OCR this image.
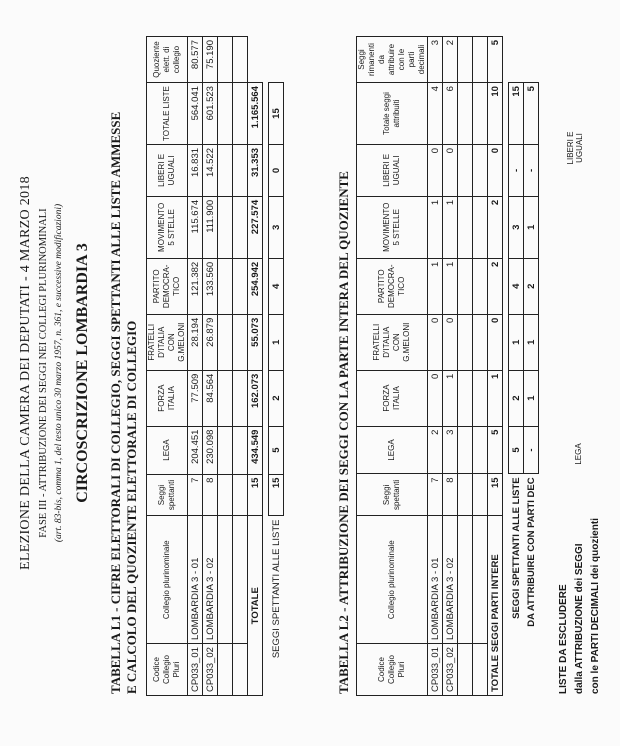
ELEZIONE DELLA CAMERA DEI DEPUTATI - 4 MARZO 2018 FASE III - ATTRIBUZIONE DEI SEGGI NEI COLLEGI PLURINOMINALI (art. 83-bis, comma 1, del testo unico 30 marzo 1957, n. 361, e successive modificazioni) CIRCOSCRIZIONE LOMBARDIA 3 TABELLA L1 - CIFRE ELETTORALI DI COLLEGIO, SEGGI SPETTANTI ALLE LISTE AMMESSE E CALCOLO DEL QUOZIENTE ELETTORALE DI COLLEGIO Codice Collegio Pluri	Collegio plurinominale	Seggi spettanti	LEGA	FORZA ITALIA	FRATELLI D'ITALIA CON G.MELONI	PARTITO DEMOCRA-TICO	MOVIMENTO 5 STELLE	LIBERI E UGUALI	TOTALE LISTE	Quoziente elett. di collegio
CP033_01	LOMBARDIA 3 - 01	7	204.451	77.509	28.194	121.382	115.674	16.831	564.041	80.577
CP033_02	LOMBARDIA 3 - 02	8	230.098	84.564	26.879	133.560	111.900	14.522	601.523	75.190

TOTALE		15	434.549	162.073	55.073	254.942	227.574	31.353	1.165.564	

SEGGI SPETTANTI ALLE LISTE		15	5	2	1	4	3	0	15	
TABELLA L2 - ATTRIBUZIONE DEI SEGGI CON LA PARTE INTERA DEL QUOZIENTE	Codice Collegio Pluri	Collegio plurinominale	Seggi spettanti	LEGA	FORZA ITALIA	FRATELLI D'ITALIA CON G.MELONI	PARTITO DEMOCRA-TICO	MOVIMENTO 5 STELLE	LIBERI E UGUALI	Totale seggi attribuiti	Seggi rimanenti da attribuire con le parti decimali
CP033_01	LOMBARDIA 3 - 01	7	2	0	0	1	1	0	4	3
CP033_02	LOMBARDIA 3 - 02	8	3	1	0	1	1	0	6	2

TOTALE SEGGI PARTI INTERE		15	5	1	0	2	2	0	10	5

SEGGI SPETTANTI ALLE LISTE			5	2	1	4	3	-	15	
DA ATTRIBUIRE CON PARTI DEC			-	1	1	2	1	-	5	
LISTE DA ESCLUDERE dalla ATTRIBUZIONE dei SEGGI con le PARTI DECIMALI dei quozienti
LEGA
LIBERI E UGUALI
